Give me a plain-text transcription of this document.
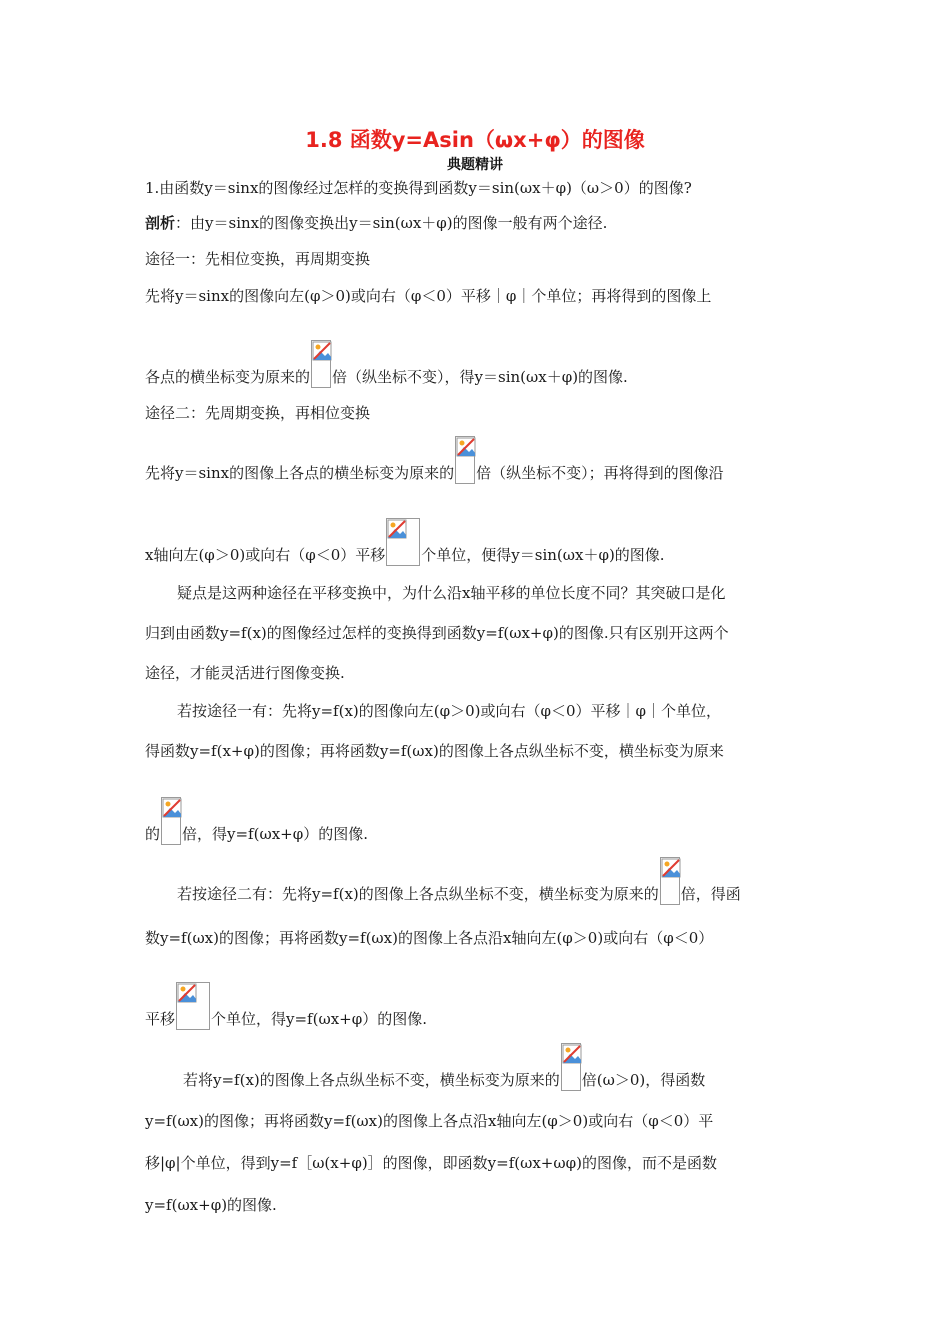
1.8 函数y=Asin（ωx+φ）的图像
典题精讲
1.由函数y＝sinx的图像经过怎样的变换得到函数y＝sin(ωx＋φ)（ω＞0）的图像?
剖析：由y＝sinx的图像变换出y＝sin(ωx＋φ)的图像一般有两个途径.
途径一：先相位变换，再周期变换
先将y＝sinx的图像向左(φ＞0)或向右（φ＜0）平移｜φ｜个单位；再将得到的图像上
各点的横坐标变为原来的 倍（纵坐标不变），得y＝sin(ωx＋φ)的图像.
途径二：先周期变换，再相位变换
先将y＝sinx的图像上各点的横坐标变为原来的 倍（纵坐标不变）；再将得到的图像沿
x轴向左(φ＞0)或向右（φ＜0）平移 个单位，便得y＝sin(ωx＋φ)的图像.
疑点是这两种途径在平移变换中，为什么沿x轴平移的单位长度不同？其突破口是化
归到由函数y=f(x)的图像经过怎样的变换得到函数y=f(ωx+φ)的图像.只有区别开这两个
途径，才能灵活进行图像变换.
若按途径一有：先将y=f(x)的图像向左(φ＞0)或向右（φ＜0）平移｜φ｜个单位，
得函数y=f(x+φ)的图像；再将函数y=f(ωx)的图像上各点纵坐标不变，横坐标变为原来
的 倍，得y=f(ωx+φ）的图像.
若按途径二有：先将y=f(x)的图像上各点纵坐标不变，横坐标变为原来的 倍，得函
数y=f(ωx)的图像；再将函数y=f(ωx)的图像上各点沿x轴向左(φ＞0)或向右（φ＜0）
平移 个单位，得y=f(ωx+φ）的图像.
若将y=f(x)的图像上各点纵坐标不变，横坐标变为原来的 倍(ω＞0)，得函数
y=f(ωx)的图像；再将函数y=f(ωx)的图像上各点沿x轴向左(φ＞0)或向右（φ＜0）平
移|φ|个单位，得到y=f［ω(x+φ)］的图像，即函数y=f(ωx+ωφ)的图像，而不是函数
y=f(ωx+φ)的图像.
